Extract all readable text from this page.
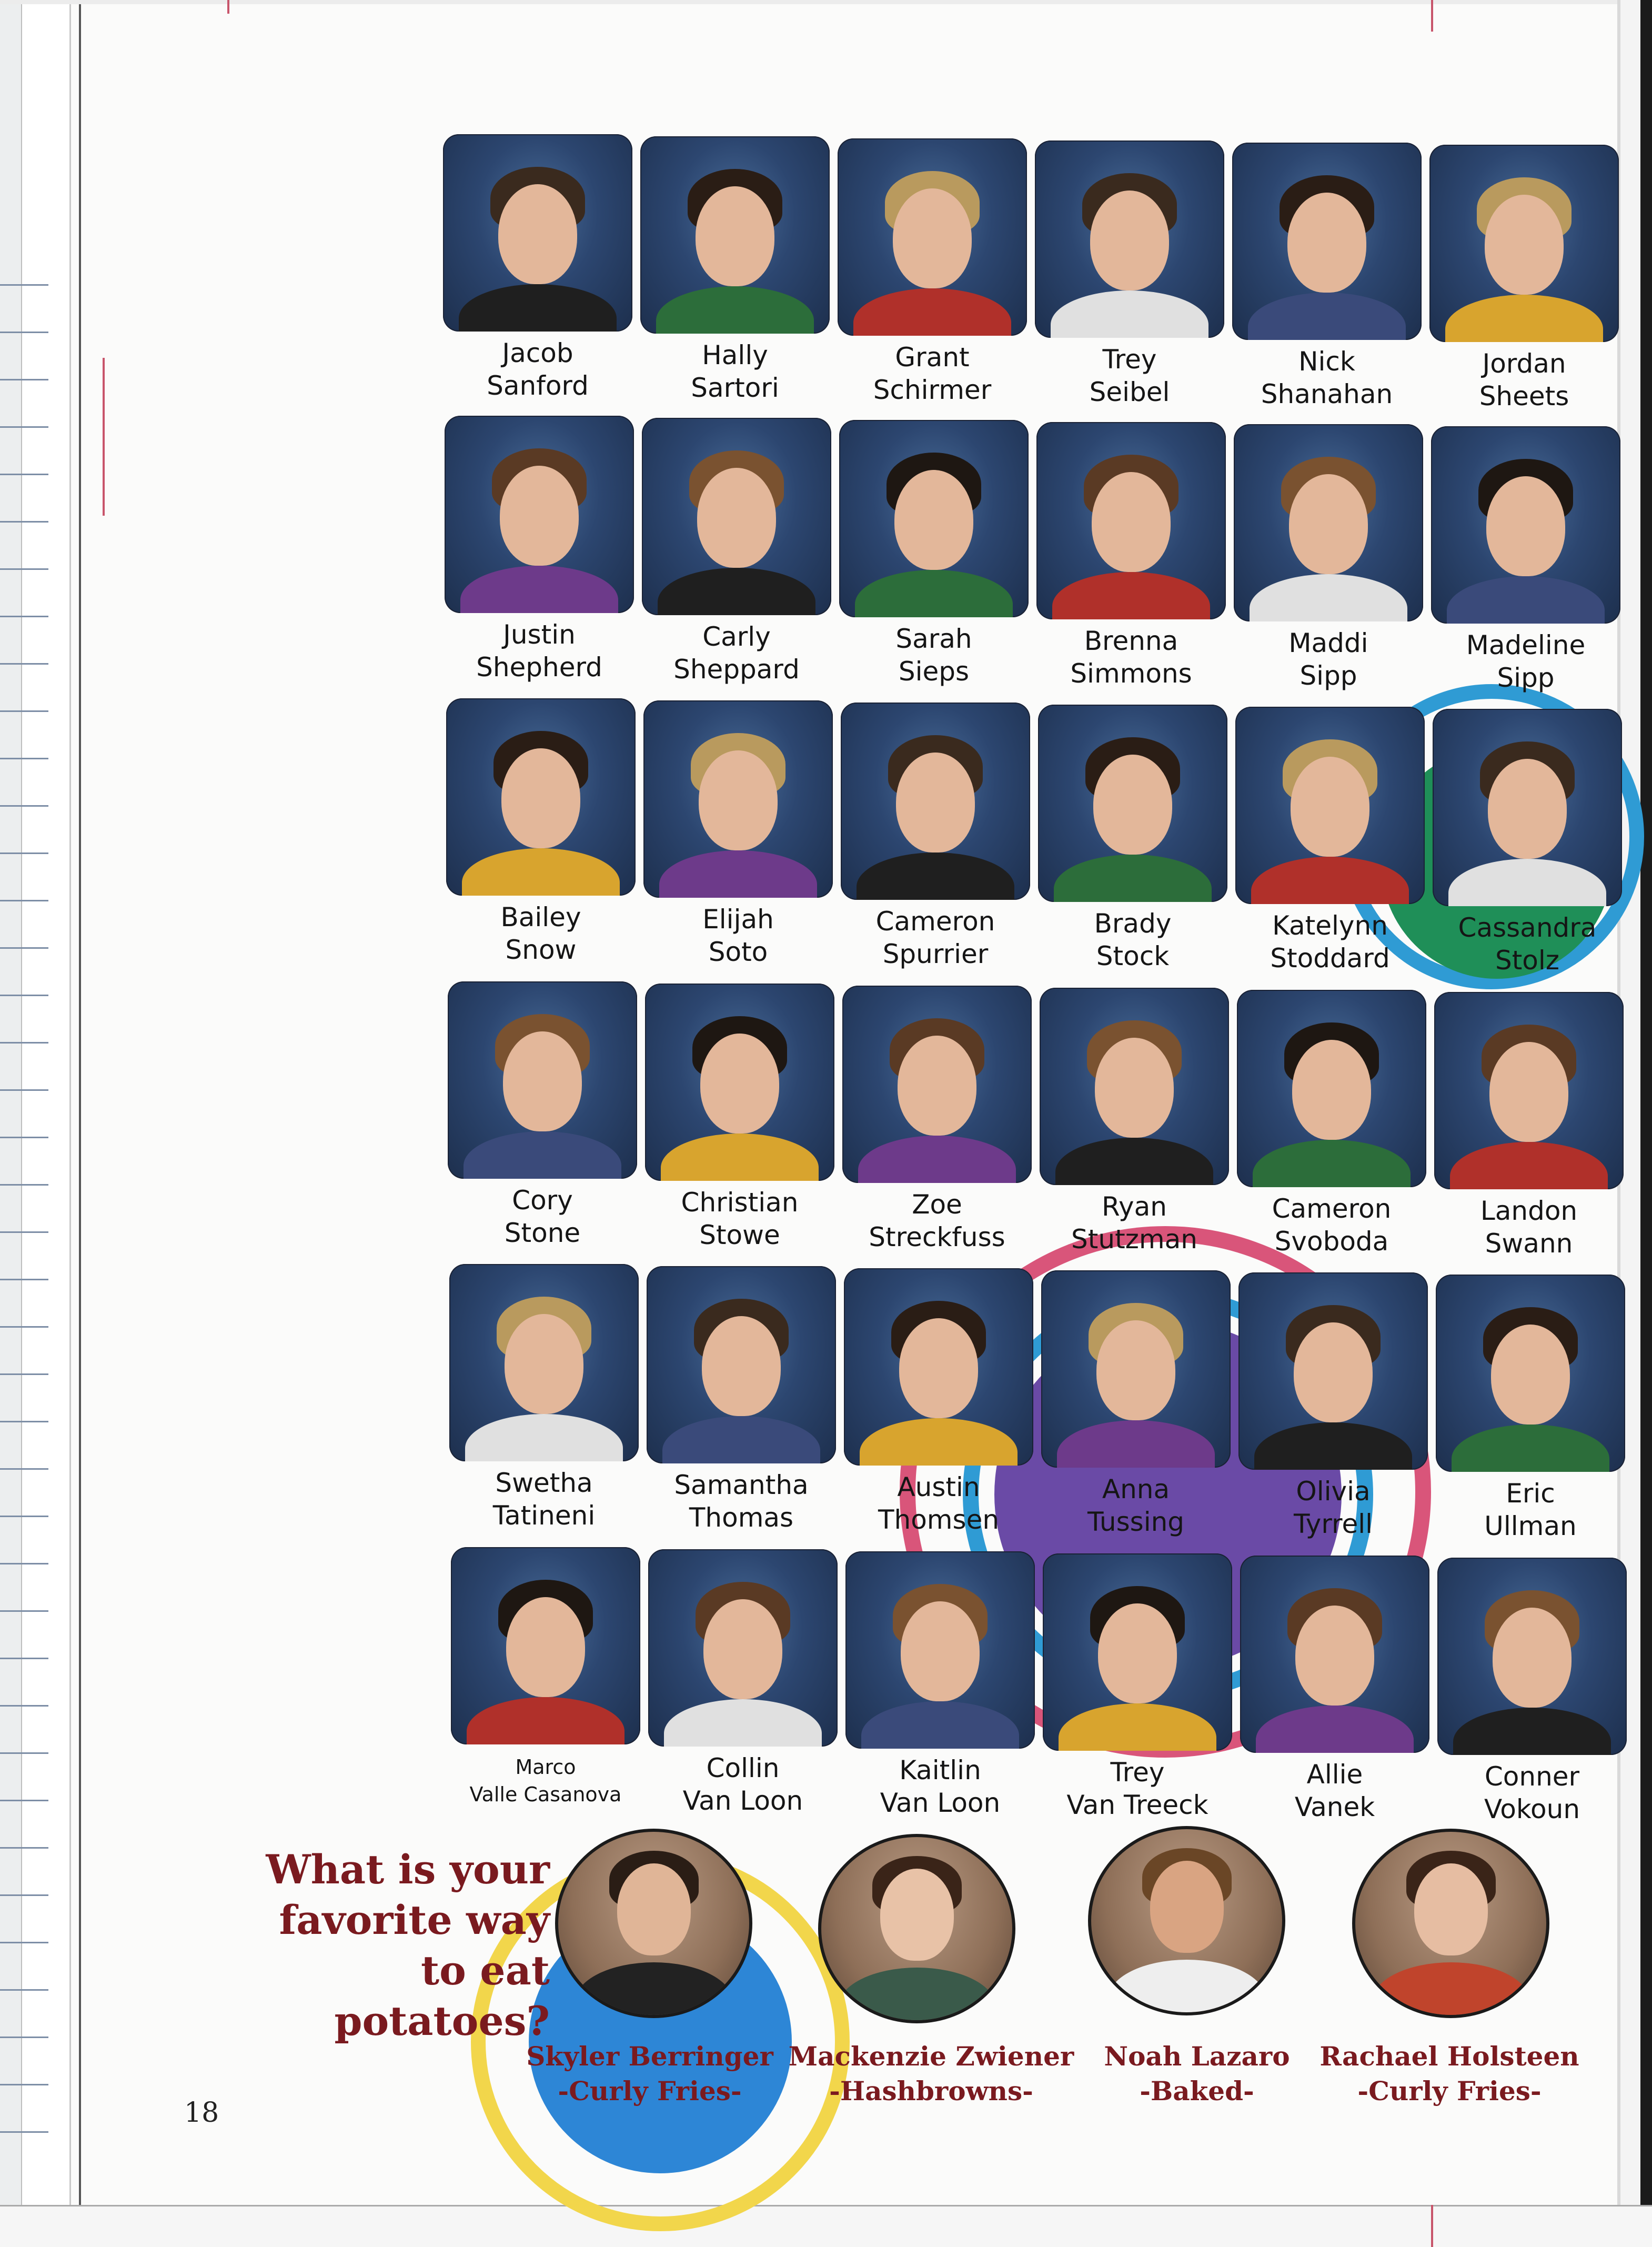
Jacob
Sanford
Hally
Sartori
Grant
Schirmer
Trey
Seibel
Nick
Shanahan
Jordan
Sheets
Justin
Shepherd
Carly
Sheppard
Sarah
Sieps
Brenna
Simmons
Maddi
Sipp
Madeline
Sipp
Bailey
Snow
Elijah
Soto
Cameron
Spurrier
Brady
Stock
Katelynn
Stoddard
Cassandra
Stolz
Cory
Stone
Christian
Stowe
Zoe
Streckfuss
Ryan
Stutzman
Cameron
Svoboda
Landon
Swann
Swetha
Tatineni
Samantha
Thomas
Austin
Thomsen
Anna
Tussing
Olivia
Tyrrell
Eric
Ullman
Marco
Valle Casanova
Collin
Van Loon
Kaitlin
Van Loon
Trey
Van Treeck
Allie
Vanek
Conner
Vokoun
What is your
favorite way
to eat potatoes?
Skyler Berringer
-Curly Fries-
Mackenzie Zwiener
-Hashbrowns-
Noah Lazaro
-Baked-
Rachael Holsteen
-Curly Fries-
18
